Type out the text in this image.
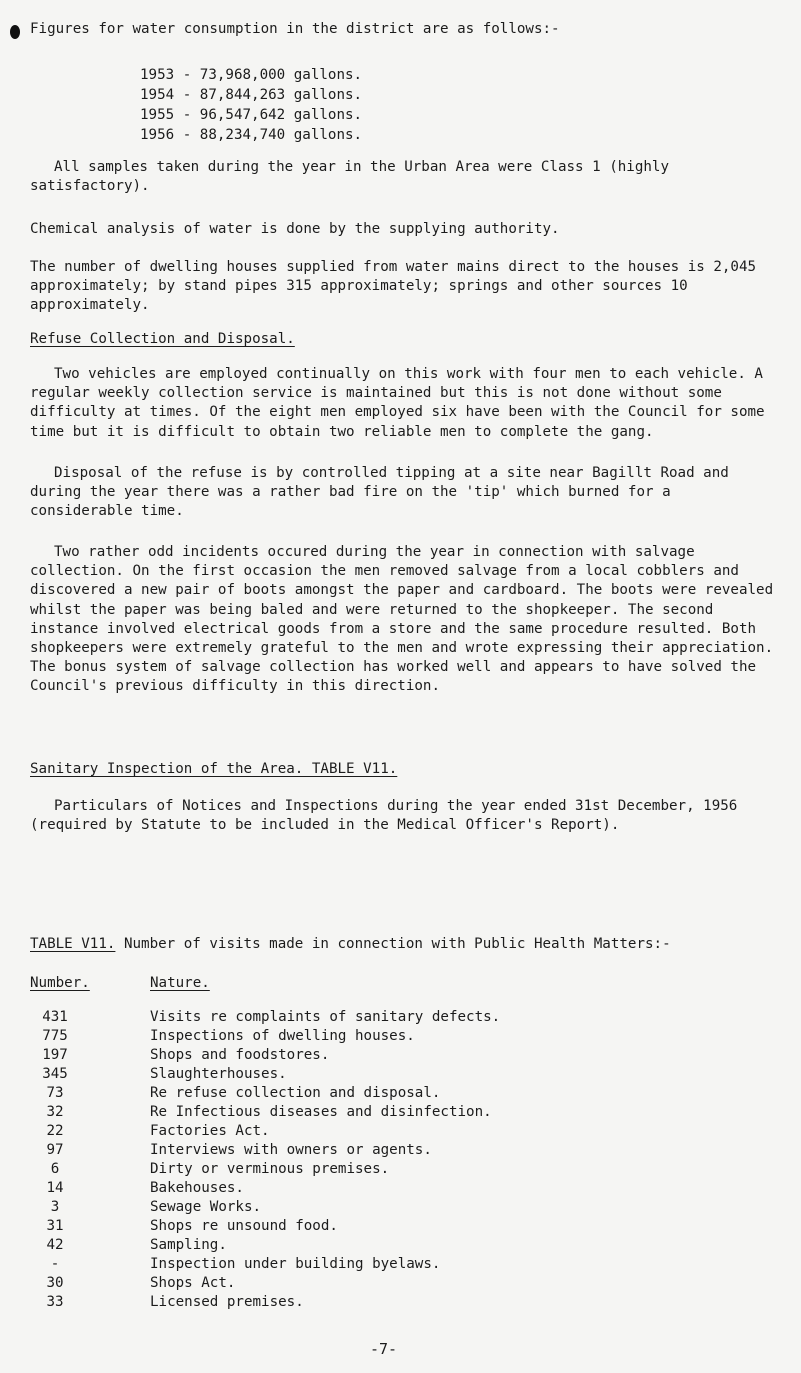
Figures for water consumption in the district are as follows:-

1953 - 73,968,000 gallons.
1954 - 87,844,263 gallons.
1955 - 96,547,642 gallons.
1956 - 88,234,740 gallons.

All samples taken during the year in the Urban Area were Class 1 (highly satisfactory).

Chemical analysis of water is done by the supplying authority.

The number of dwelling houses supplied from water mains direct to the houses is 2,045 approximately; by stand pipes 315 approximately; springs and other sources 10 approximately.

Refuse Collection and Disposal.

Two vehicles are employed continually on this work with four men to each vehicle. A regular weekly collection service is maintained but this is not done without some difficulty at times. Of the eight men employed six have been with the Council for some time but it is difficult to obtain two reliable men to complete the gang.

Disposal of the refuse is by controlled tipping at a site near Bagillt Road and during the year there was a rather bad fire on the 'tip' which burned for a considerable time.

Two rather odd incidents occured during the year in connection with salvage collection. On the first occasion the men removed salvage from a local cobblers and discovered a new pair of boots amongst the paper and cardboard. The boots were revealed whilst the paper was being baled and were returned to the shopkeeper. The second instance involved electrical goods from a store and the same procedure resulted. Both shopkeepers were extremely grateful to the men and wrote expressing their appreciation. The bonus system of salvage collection has worked well and appears to have solved the Council's previous difficulty in this direction.

Sanitary Inspection of the Area. TABLE V11.

Particulars of Notices and Inspections during the year ended 31st December, 1956 (required by Statute to be included in the Medical Officer's Report).

TABLE V11. Number of visits made in connection with Public Health Matters:-

Number.	Nature.
431	Visits re complaints of sanitary defects.
775	Inspections of dwelling houses.
197	Shops and foodstores.
345	Slaughterhouses.
73	Re refuse collection and disposal.
32	Re Infectious diseases and disinfection.
22	Factories Act.
97	Interviews with owners or agents.
6	Dirty or verminous premises.
14	Bakehouses.
3	Sewage Works.
31	Shops re unsound food.
42	Sampling.
-	Inspection under building byelaws.
30	Shops Act.
33	Licensed premises.
-7-
